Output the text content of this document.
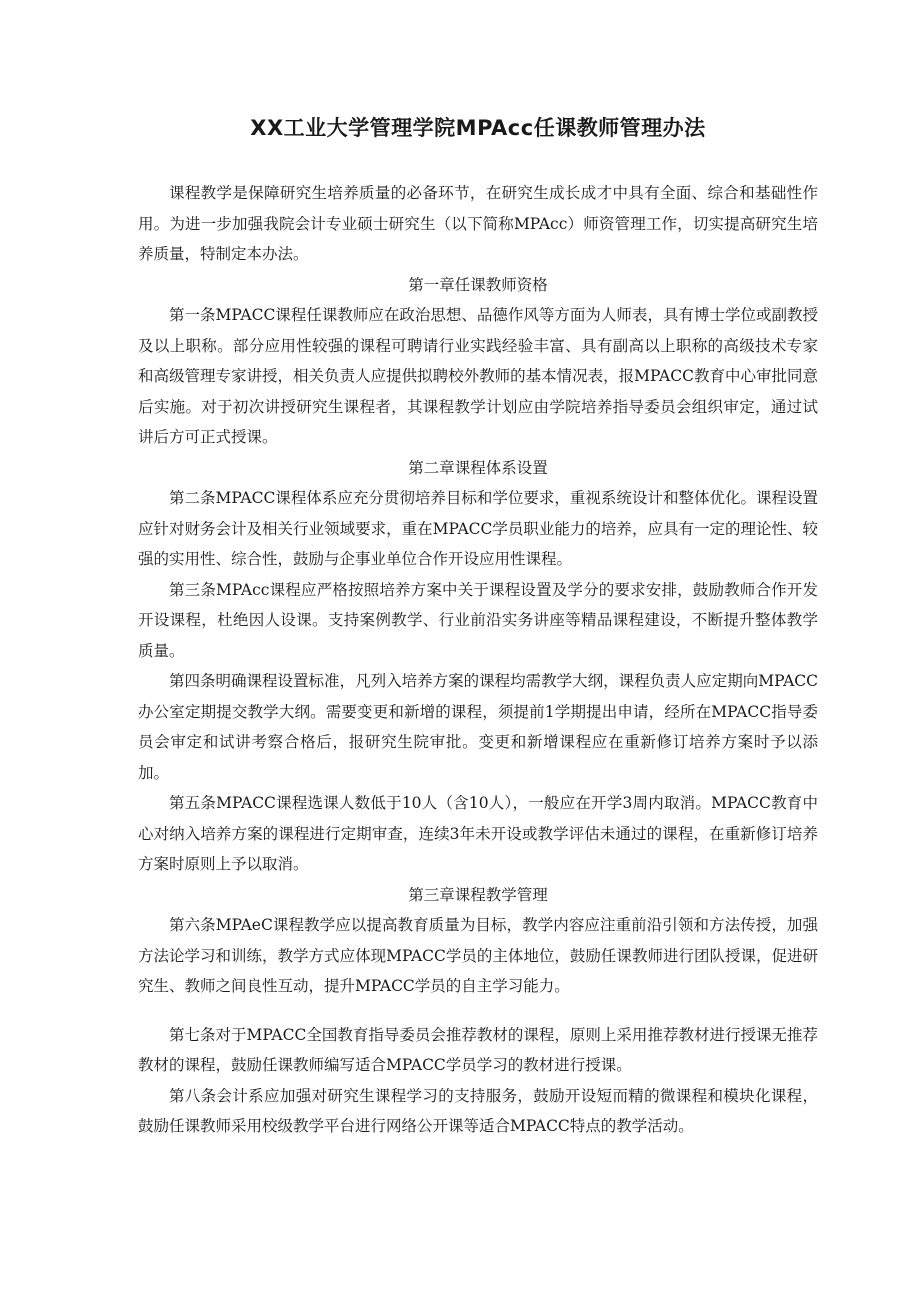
XX工业大学管理学院MPAcc任课教师管理办法

课程教学是保障研究生培养质量的必备环节，在研究生成长成才中具有全面、综合和基础性作用。为进一步加强我院会计专业硕士研究生（以下简称MPAcc）师资管理工作，切实提高研究生培养质量，特制定本办法。

第一章任课教师资格

第一条MPACC课程任课教师应在政治思想、品德作风等方面为人师表，具有博士学位或副教授及以上职称。部分应用性较强的课程可聘请行业实践经验丰富、具有副高以上职称的高级技术专家和高级管理专家讲授，相关负责人应提供拟聘校外教师的基本情况表，报MPACC教育中心审批同意后实施。对于初次讲授研究生课程者，其课程教学计划应由学院培养指导委员会组织审定，通过试讲后方可正式授课。

第二章课程体系设置

第二条MPACC课程体系应充分贯彻培养目标和学位要求，重视系统设计和整体优化。课程设置应针对财务会计及相关行业领域要求，重在MPACC学员职业能力的培养，应具有一定的理论性、较强的实用性、综合性，鼓励与企事业单位合作开设应用性课程。

第三条MPAcc课程应严格按照培养方案中关于课程设置及学分的要求安排，鼓励教师合作开发开设课程，杜绝因人设课。支持案例教学、行业前沿实务讲座等精品课程建设，不断提升整体教学质量。

第四条明确课程设置标准，凡列入培养方案的课程均需教学大纲，课程负责人应定期向MPACC办公室定期提交教学大纲。需要变更和新增的课程，须提前1学期提出申请，经所在MPACC指导委员会审定和试讲考察合格后，报研究生院审批。变更和新增课程应在重新修订培养方案时予以添加。

第五条MPACC课程选课人数低于10人（含10人），一般应在开学3周内取消。MPACC教育中心对纳入培养方案的课程进行定期审查，连续3年未开设或教学评估未通过的课程，在重新修订培养方案时原则上予以取消。

第三章课程教学管理

第六条MPAeC课程教学应以提高教育质量为目标，教学内容应注重前沿引领和方法传授，加强方法论学习和训练，教学方式应体现MPACC学员的主体地位，鼓励任课教师进行团队授课，促进研究生、教师之间良性互动，提升MPACC学员的自主学习能力。

第七条对于MPACC全国教育指导委员会推荐教材的课程，原则上采用推荐教材进行授课无推荐教材的课程，鼓励任课教师编写适合MPACC学员学习的教材进行授课。

第八条会计系应加强对研究生课程学习的支持服务，鼓励开设短而精的微课程和模块化课程，鼓励任课教师采用校级教学平台进行网络公开课等适合MPACC特点的教学活动。
